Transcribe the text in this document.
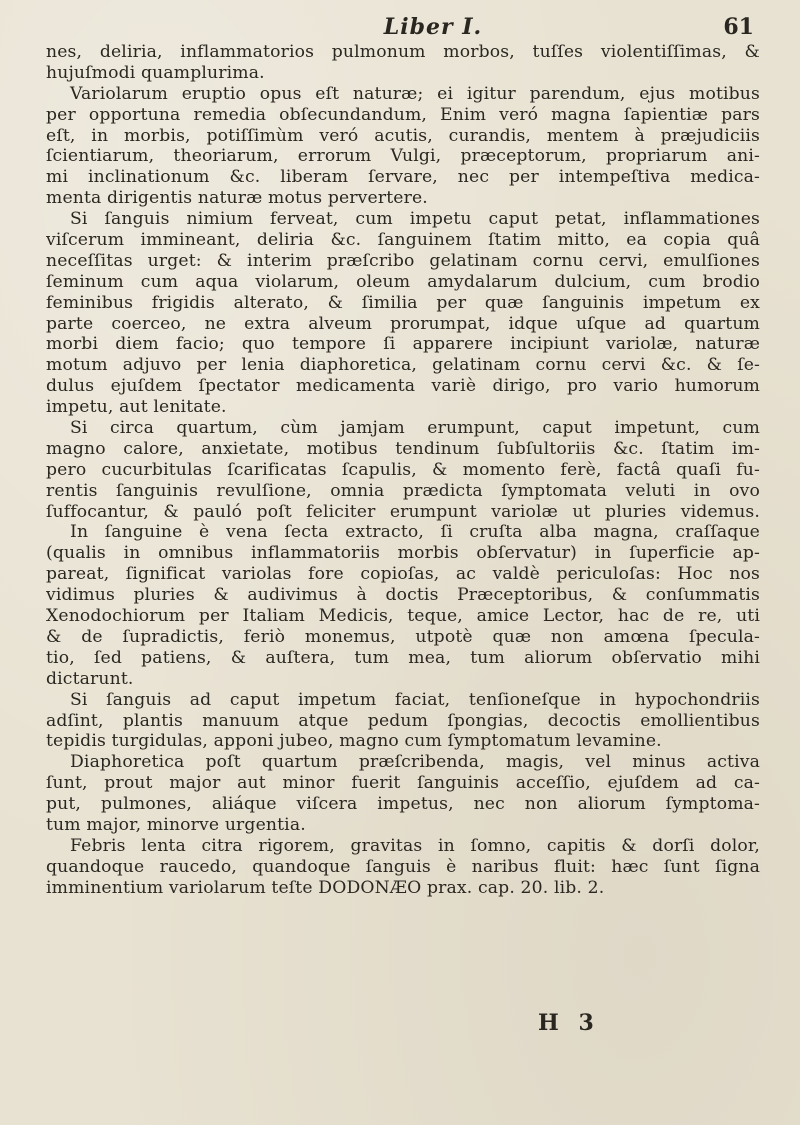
Liber I.	61
nes, deliria, inflammatorios pulmonum morbos, tuſſes violentiſſimas, &
hujuſmodi quamplurima.
Variolarum eruptio opus eſt naturæ; ei igitur parendum, ejus motibus
per opportuna remedia obſecundandum, Enim veró magna ſapientiæ pars
eſt, in morbis, potiſſimùm veró acutis, curandis, mentem à præjudiciis
ſcientiarum, theoriarum, errorum Vulgi, præceptorum, propriarum ani-
mi inclinationum &c. liberam ſervare, nec per intempeſtiva medica-
menta dirigentis naturæ motus pervertere.
Si ſanguis nimium ferveat, cum impetu caput petat, inflammationes
viſcerum immineant, deliria &c. ſanguinem ſtatim mitto, ea copia quâ
neceſſitas urget: & interim præſcribo gelatinam cornu cervi, emulſiones
ſeminum cum aqua violarum, oleum amydalarum dulcium, cum brodio
feminibus frigidis alterato, & ſimilia per quæ ſanguinis impetum ex
parte coerceo, ne extra alveum prorumpat, idque uſque ad quartum
morbi diem facio; quo tempore ſi apparere incipiunt variolæ, naturæ
motum adjuvo per lenia diaphoretica, gelatinam cornu cervi &c. & ſe-
dulus ejuſdem ſpectator medicamenta variè dirigo, pro vario humorum
impetu, aut lenitate.
Si circa quartum, cùm jamjam erumpunt, caput impetunt, cum
magno calore, anxietate, motibus tendinum ſubſultoriis &c. ſtatim im-
pero cucurbitulas ſcarificatas ſcapulis, & momento ferè, factâ quaſi fu-
rentis ſanguinis revulſione, omnia prædicta ſymptomata veluti in ovo
ſuffocantur, & pauló poſt feliciter erumpunt variolæ ut pluries videmus.
In ſanguine è vena ſecta extracto, ſi cruſta alba magna, craſſaque
(qualis in omnibus inflammatoriis morbis obſervatur) in ſuperficie ap-
pareat, ſignificat variolas fore copioſas, ac valdè periculoſas: Hoc nos
vidimus pluries & audivimus à doctis Præceptoribus, & conſummatis
Xenodochiorum per Italiam Medicis, teque, amice Lector, hac de re, uti
& de ſupradictis, feriò monemus, utpotè quæ non amœna ſpecula-
tio, ſed patiens, & auſtera, tum mea, tum aliorum obſervatio mihi
dictarunt.
Si ſanguis ad caput impetum faciat, tenſioneſque in hypochondriis
adſint, plantis manuum atque pedum ſpongias, decoctis emollientibus
tepidis turgidulas, apponi jubeo, magno cum ſymptomatum levamine.
Diaphoretica poſt quartum præſcribenda, magis, vel minus activa
ſunt, prout major aut minor fuerit ſanguinis acceſſio, ejuſdem ad ca-
put, pulmones, aliáque viſcera impetus, nec non aliorum ſymptoma-
tum major, minorve urgentia.
Febris lenta citra rigorem, gravitas in ſomno, capitis & dorſi dolor,
quandoque raucedo, quandoque ſanguis è naribus fluit: hæc ſunt ſigna
imminentium variolarum teſte DODONÆO prax. cap. 20. lib. 2.
H 3
